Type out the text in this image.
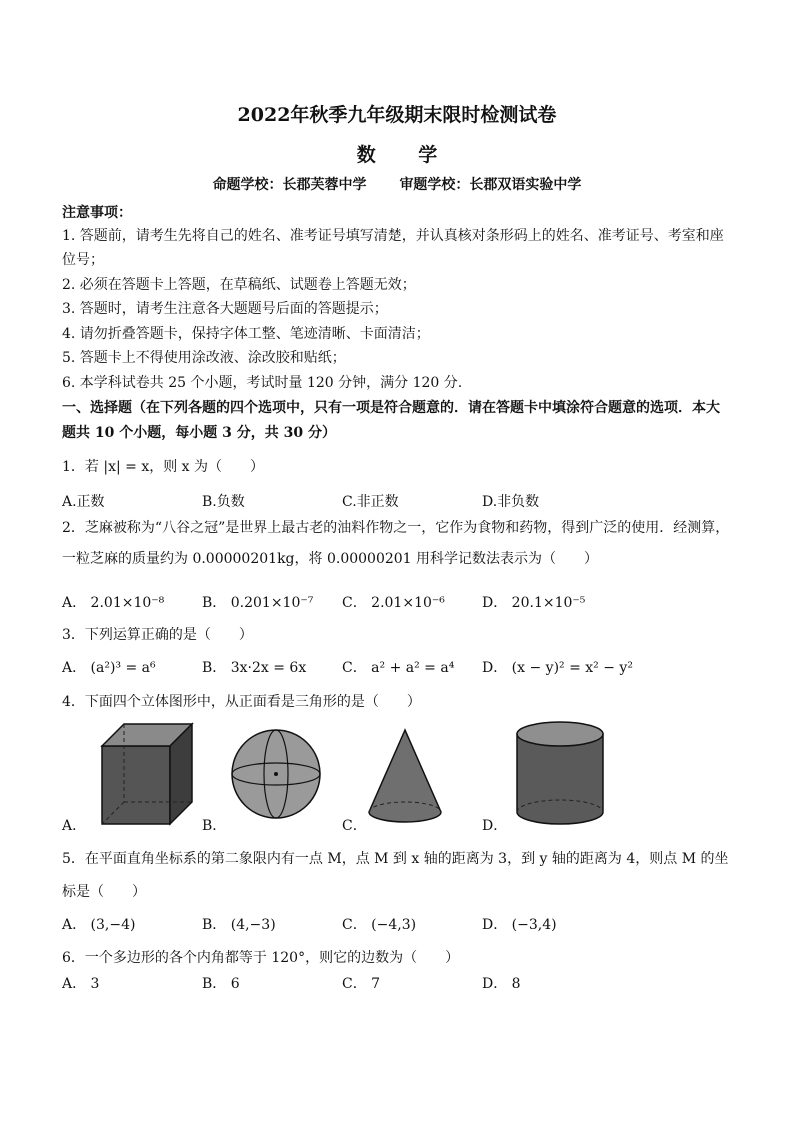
2022年秋季九年级期末限时检测试卷
数 学
命题学校：长郡芙蓉中学 审题学校：长郡双语实验中学
注意事项：
1. 答题前，请考生先将自己的姓名、准考证号填写清楚，并认真核对条形码上的姓名、准考证号、考室和座
位号；
2. 必须在答题卡上答题，在草稿纸、试题卷上答题无效；
3. 答题时，请考生注意各大题题号后面的答题提示；
4. 请勿折叠答题卡，保持字体工整、笔迹清晰、卡面清洁；
5. 答题卡上不得使用涂改液、涂改胶和贴纸；
6. 本学科试卷共 25 个小题，考试时量 120 分钟，满分 120 分.
一、选择题（在下列各题的四个选项中，只有一项是符合题意的．请在答题卡中填涂符合题意的选项．本大
题共 10 个小题，每小题 3 分，共 30 分）
1．若 |x| = x，则 x 为（　　）
A.正数	B.负数	C.非正数	D.非负数
2．芝麻被称为“八谷之冠”是世界上最古老的油料作物之一，它作为食物和药物，得到广泛的使用．经测算，
一粒芝麻的质量约为 0.00000201kg，将 0.00000201 用科学记数法表示为（　　）
A． 2.01×10⁻⁸	B． 0.201×10⁻⁷ C． 2.01×10⁻⁶	D． 20.1×10⁻⁵
3．下列运算正确的是（　　）
A． (a²)³ = a⁶	B． 3x·2x = 6x	C． a² + a² = a⁴ D． (x − y)² = x² − y²
4．下面四个立体图形中，从正面看是三角形的是（　　）
A．	B．	C．	D．
5．在平面直角坐标系的第二象限内有一点 M，点 M 到 x 轴的距离为 3，到 y 轴的距离为 4，则点 M 的坐
标是（　　）
A． (3,−4)	B． (4,−3)	C． (−4,3)	D． (−3,4)
6．一个多边形的各个内角都等于 120°，则它的边数为（　　）
A． 3	B． 6	C． 7	D． 8
